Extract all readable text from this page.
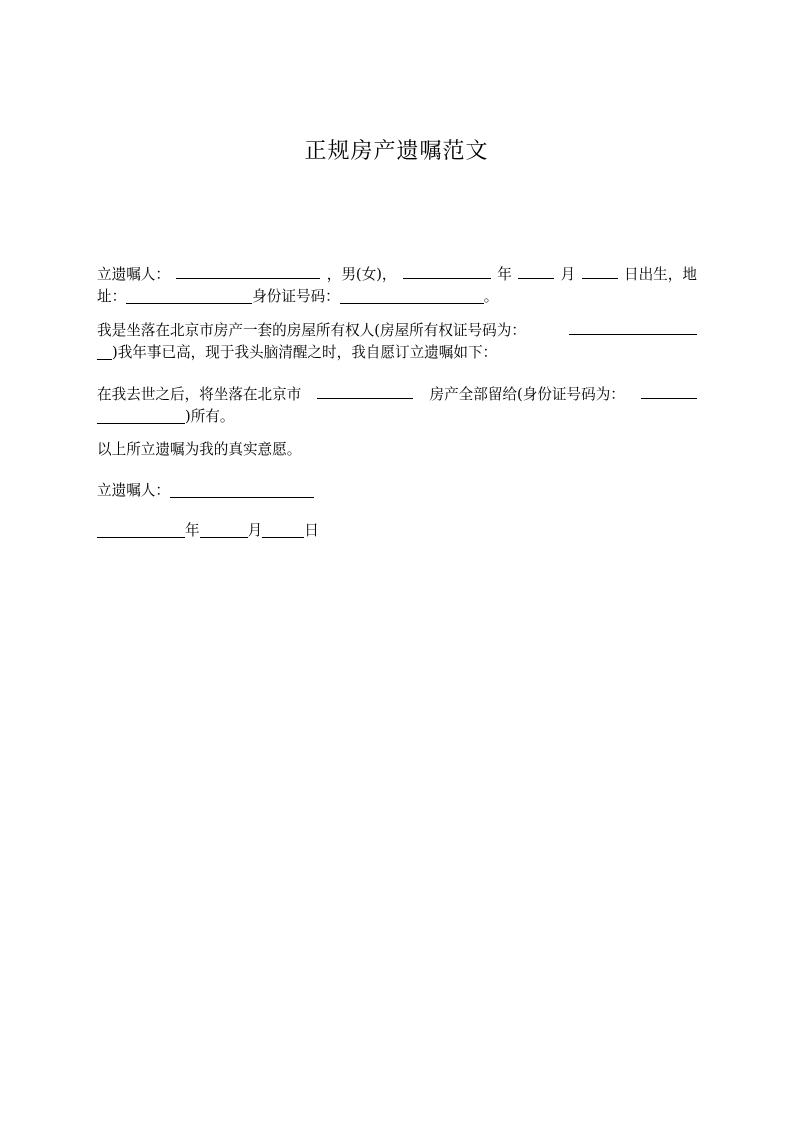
正规房产遗嘱范文
立遗嘱人：	，男(女)，	年	月	日出生，地
址：	身份证号码：	。
我是坐落在北京市房产一套的房屋所有权人(房屋所有权证号码为：
)我年事已高，现于我头脑清醒之时，我自愿订立遗嘱如下：
在我去世之后，将坐落在北京市	房产全部留给(身份证号码为：
)所有。
以上所立遗嘱为我的真实意愿。
立遗嘱人：
年	月	日
